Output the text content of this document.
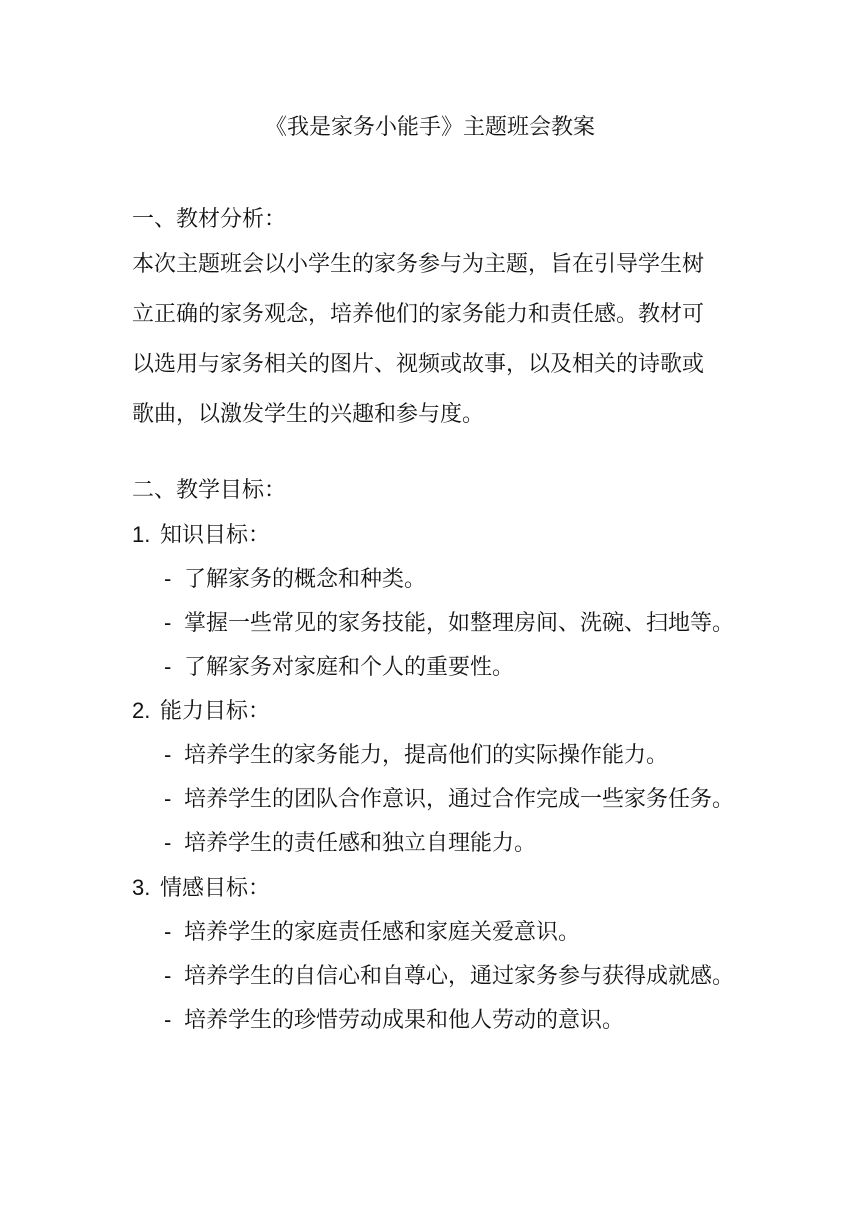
《我是家务小能手》主题班会教案
一、教材分析：
本次主题班会以小学生的家务参与为主题，旨在引导学生树
立正确的家务观念，培养他们的家务能力和责任感。教材可
以选用与家务相关的图片、视频或故事，以及相关的诗歌或
歌曲，以激发学生的兴趣和参与度。
二、教学目标：
1. 知识目标：
- 了解家务的概念和种类。
- 掌握一些常见的家务技能，如整理房间、洗碗、扫地等。
- 了解家务对家庭和个人的重要性。
2. 能力目标：
- 培养学生的家务能力，提高他们的实际操作能力。
- 培养学生的团队合作意识，通过合作完成一些家务任务。
- 培养学生的责任感和独立自理能力。
3. 情感目标：
- 培养学生的家庭责任感和家庭关爱意识。
- 培养学生的自信心和自尊心，通过家务参与获得成就感。
- 培养学生的珍惜劳动成果和他人劳动的意识。
